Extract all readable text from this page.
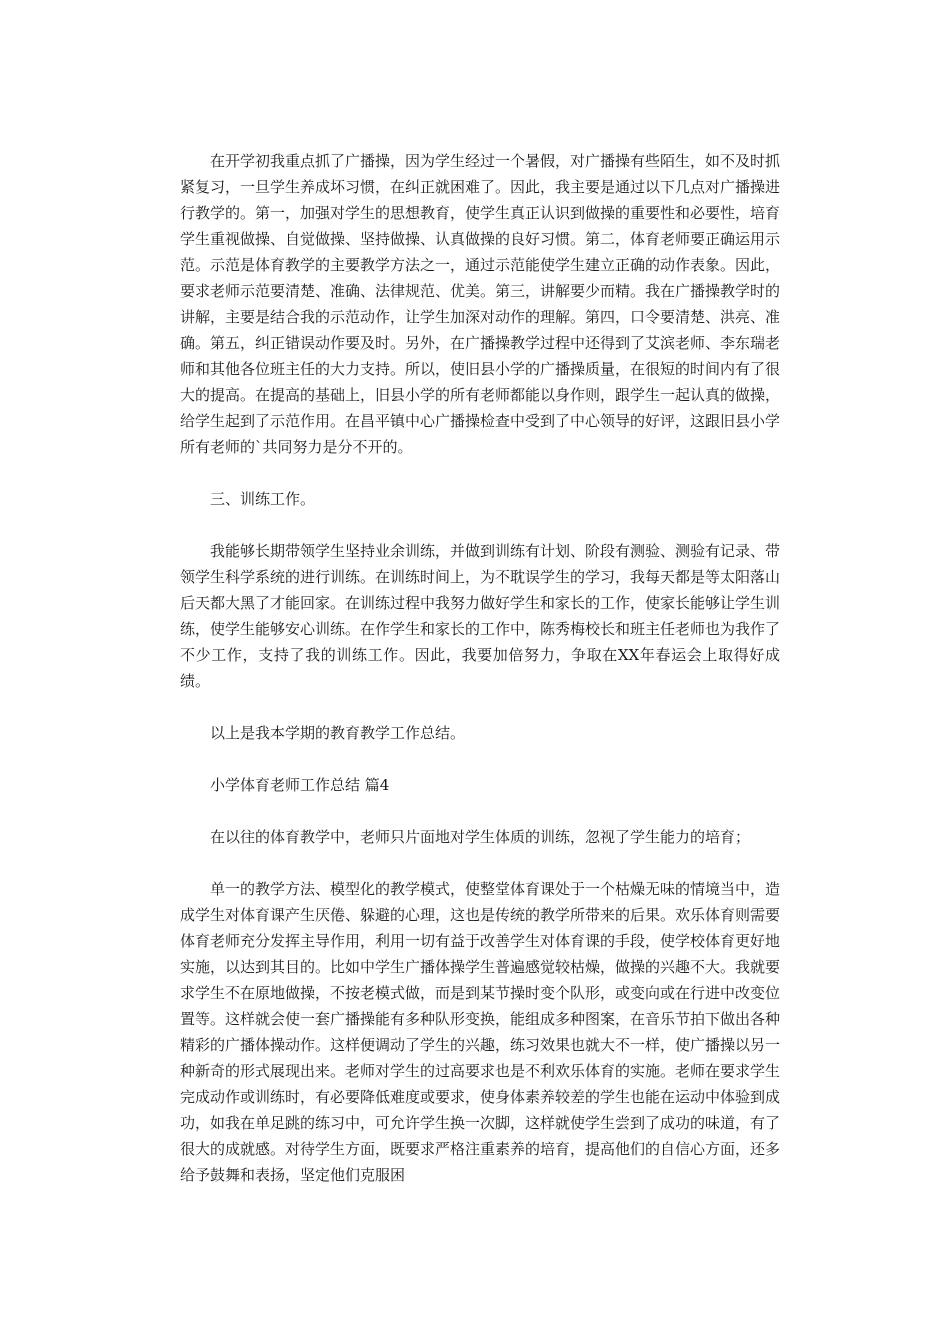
在开学初我重点抓了广播操，因为学生经过一个暑假，对广播操有些陌生，如不及时抓紧复习，一旦学生养成坏习惯，在纠正就困难了。因此，我主要是通过以下几点对广播操进行教学的。第一，加强对学生的思想教育，使学生真正认识到做操的重要性和必要性，培育学生重视做操、自觉做操、坚持做操、认真做操的良好习惯。第二，体育老师要正确运用示范。示范是体育教学的主要教学方法之一，通过示范能使学生建立正确的动作表象。因此，要求老师示范要清楚、准确、法律规范、优美。第三，讲解要少而精。我在广播操教学时的讲解，主要是结合我的示范动作，让学生加深对动作的理解。第四，口令要清楚、洪亮、准确。第五，纠正错误动作要及时。另外，在广播操教学过程中还得到了艾滨老师、李东瑞老师和其他各位班主任的大力支持。所以，使旧县小学的广播操质量，在很短的时间内有了很大的提高。在提高的基础上，旧县小学的所有老师都能以身作则，跟学生一起认真的做操，给学生起到了示范作用。在昌平镇中心广播操检查中受到了中心领导的好评，这跟旧县小学所有老师的`共同努力是分不开的。

三、训练工作。

我能够长期带领学生坚持业余训练，并做到训练有计划、阶段有测验、测验有记录、带领学生科学系统的进行训练。在训练时间上，为不耽误学生的学习，我每天都是等太阳落山后天都大黑了才能回家。在训练过程中我努力做好学生和家长的工作，使家长能够让学生训练，使学生能够安心训练。在作学生和家长的工作中，陈秀梅校长和班主任老师也为我作了不少工作，支持了我的训练工作。因此，我要加倍努力，争取在XX年春运会上取得好成绩。

以上是我本学期的教育教学工作总结。

小学体育老师工作总结 篇4

在以往的体育教学中，老师只片面地对学生体质的训练，忽视了学生能力的培育；

单一的教学方法、模型化的教学模式，使整堂体育课处于一个枯燥无味的情境当中，造成学生对体育课产生厌倦、躲避的心理，这也是传统的教学所带来的后果。欢乐体育则需要体育老师充分发挥主导作用，利用一切有益于改善学生对体育课的手段，使学校体育更好地实施，以达到其目的。比如中学生广播体操学生普遍感觉较枯燥，做操的兴趣不大。我就要求学生不在原地做操，不按老模式做，而是到某节操时变个队形，或变向或在行进中改变位置等。这样就会使一套广播操能有多种队形变换，能组成多种图案，在音乐节拍下做出各种精彩的广播体操动作。这样便调动了学生的兴趣，练习效果也就大不一样，使广播操以另一种新奇的形式展现出来。老师对学生的过高要求也是不利欢乐体育的实施。老师在要求学生完成动作或训练时，有必要降低难度或要求，使身体素养较差的学生也能在运动中体验到成功，如我在单足跳的练习中，可允许学生换一次脚，这样就使学生尝到了成功的味道，有了很大的成就感。对待学生方面，既要求严格注重素养的培育，提高他们的自信心方面，还多给予鼓舞和表扬，坚定他们克服困
